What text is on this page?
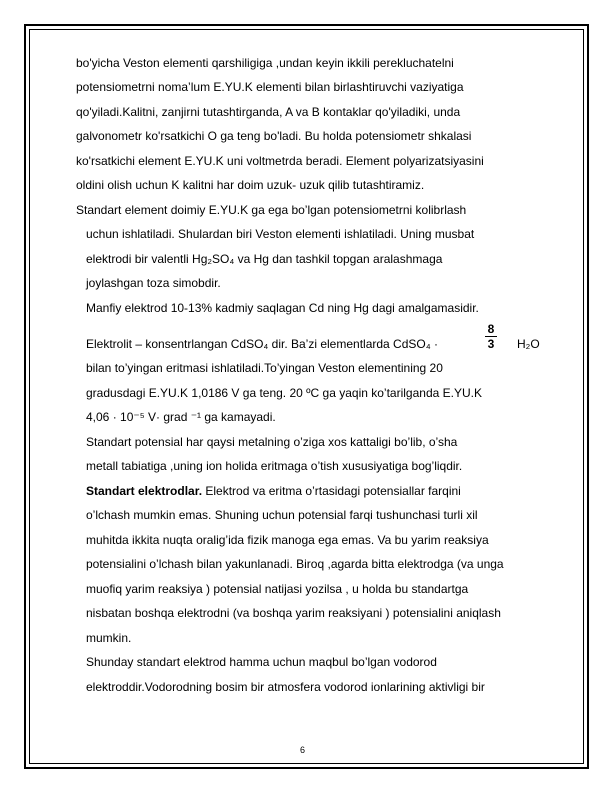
bo'yicha Veston elementi qarshiligiga ,undan keyin ikkili perekluchatelni
potensiometrni noma’lum E.YU.K elementi bilan birlashtiruvchi vaziyatiga
qo'yiladi.Kalitni, zanjirni tutashtirganda, A va B kontaklar qo'yiladiki, unda
galvonometr ko'rsatkichi O ga teng bo'ladi. Bu holda potensiometr shkalasi
ko'rsatkichi element E.YU.K uni voltmetrda beradi. Element polyarizatsiyasini
oldini olish uchun K kalitni har doim uzuk- uzuk qilib tutashtiramiz.
Standart element doimiy E.YU.K ga ega bo’lgan potensiometrni kolibrlash
uchun ishlatiladi. Shulardan biri Veston elementi ishlatiladi. Uning musbat
elektrodi bir valentli Hg₂SO₄ va Hg dan tashkil topgan aralashmaga
joylashgan toza simobdir.
Manfiy elektrod 10-13% kadmiy saqlagan Cd ning Hg dagi amalgamasidir.
Elektrolit – konsentrlangan CdSO₄ dir. Ba’zi elementlarda CdSO₄ ·
8
3 H₂O
bilan to’yingan eritmasi ishlatiladi.To’yingan Veston elementining 20
gradusdagi E.YU.K 1,0186 V ga teng. 20 ºC ga yaqin ko’tarilganda E.YU.K
4,06 · 10⁻⁵ V· grad ⁻¹ ga kamayadi.
Standart potensial har qaysi metalning o’ziga xos kattaligi bo’lib, o’sha
metall tabiatiga ,uning ion holida eritmaga o’tish xususiyatiga bog’liqdir.
Standart elektrodlar. Elektrod va eritma o’rtasidagi potensiallar farqini
o’lchash mumkin emas. Shuning uchun potensial farqi tushunchasi turli xil
muhitda ikkita nuqta oralig’ida fizik manoga ega emas. Va bu yarim reaksiya
potensialini o’lchash bilan yakunlanadi. Biroq ,agarda bitta elektrodga (va unga
muofiq yarim reaksiya ) potensial natijasi yozilsa , u holda bu standartga
nisbatan boshqa elektrodni (va boshqa yarim reaksiyani ) potensialini aniqlash
mumkin.
Shunday standart elektrod hamma uchun maqbul bo’lgan vodorod
elektroddir.Vodorodning bosim bir atmosfera vodorod ionlarining aktivligi bir
6
